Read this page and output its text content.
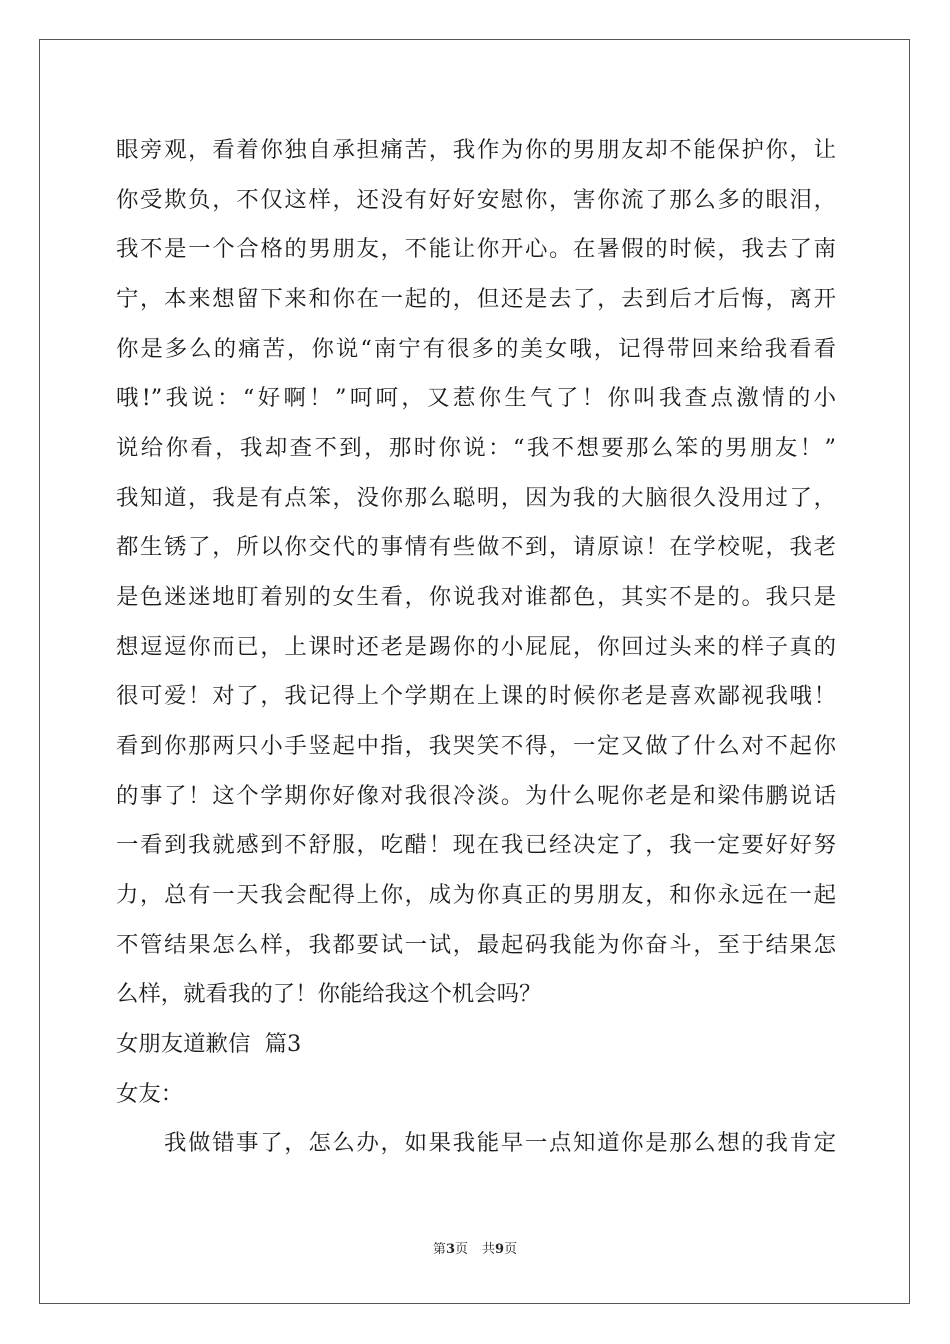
眼旁观，看着你独自承担痛苦，我作为你的男朋友却不能保护你，让
你受欺负，不仅这样，还没有好好安慰你，害你流了那么多的眼泪，
我不是一个合格的男朋友，不能让你开心。在暑假的时候，我去了南
宁，本来想留下来和你在一起的，但还是去了，去到后才后悔，离开
你是多么的痛苦，你说“南宁有很多的美女哦，记得带回来给我看看
哦!”我说：“好啊！”呵呵，又惹你生气了！你叫我查点激情的小
说给你看，我却查不到，那时你说：“我不想要那么笨的男朋友！”
我知道，我是有点笨，没你那么聪明，因为我的大脑很久没用过了，
都生锈了，所以你交代的事情有些做不到，请原谅！在学校呢，我老
是色迷迷地盯着别的女生看，你说我对谁都色，其实不是的。我只是
想逗逗你而已，上课时还老是踢你的小屁屁，你回过头来的样子真的
很可爱！对了，我记得上个学期在上课的时候你老是喜欢鄙视我哦！
看到你那两只小手竖起中指，我哭笑不得，一定又做了什么对不起你
的事了！这个学期你好像对我很冷淡。为什么呢你老是和梁伟鹏说话
一看到我就感到不舒服，吃醋！现在我已经决定了，我一定要好好努
力，总有一天我会配得上你，成为你真正的男朋友，和你永远在一起
不管结果怎么样，我都要试一试，最起码我能为你奋斗，至于结果怎
么样，就看我的了！你能给我这个机会吗？
女朋友道歉信  篇3
女友：
我做错事了，怎么办，如果我能早一点知道你是那么想的我肯定
第3页 共9页
